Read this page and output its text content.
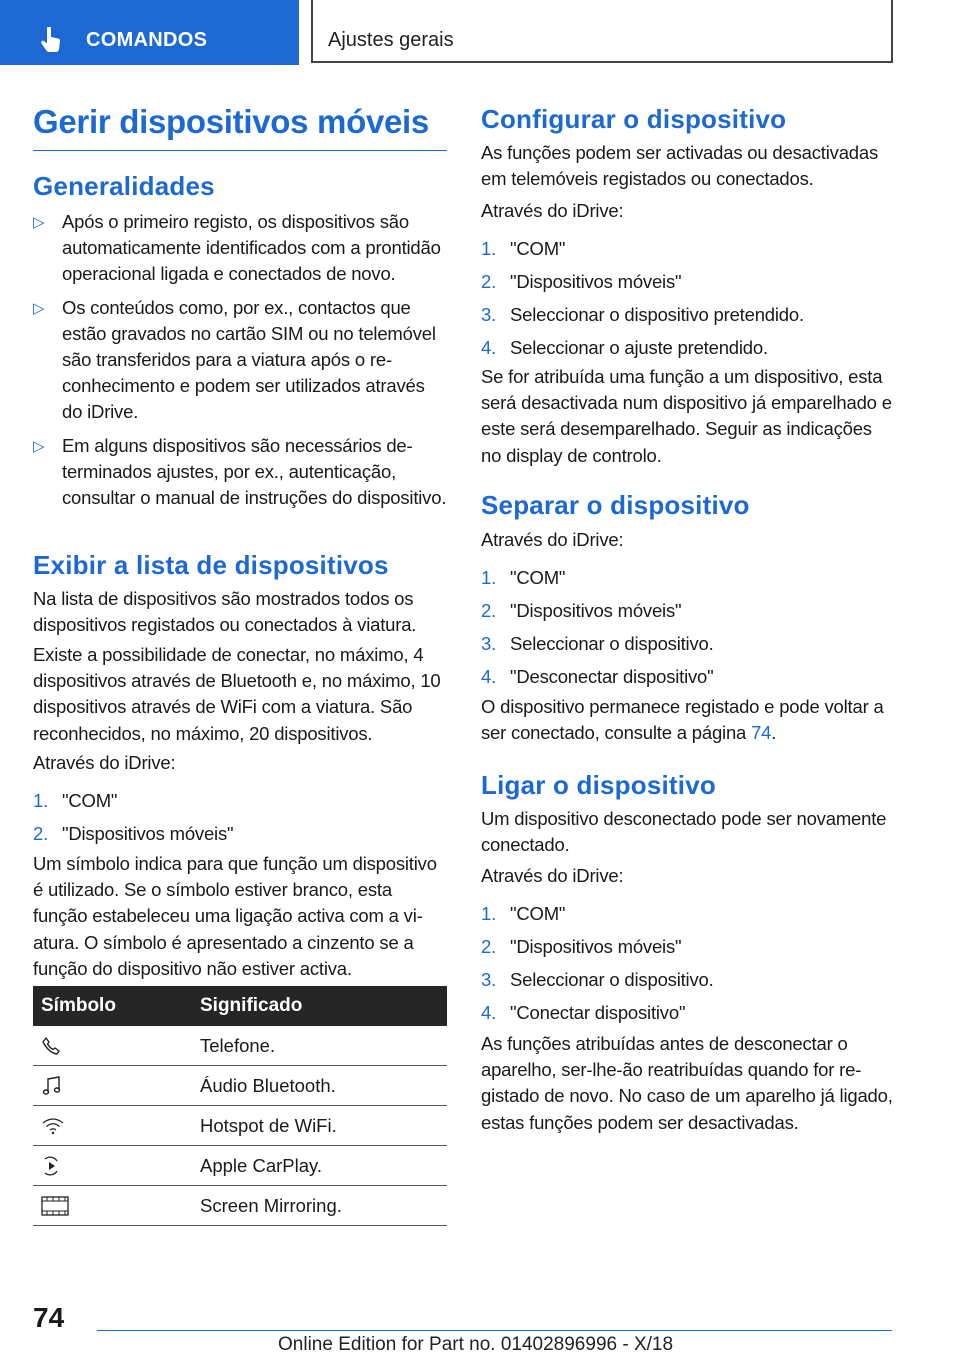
COMANDOS	Ajustes gerais
Gerir dispositivos móveis
Generalidades
▷ Após o primeiro registo, os dispositivos são automaticamente identificados com a prontidão operacional ligada e conectados de novo.
▷ Os conteúdos como, por ex., contactos que estão gravados no cartão SIM ou no telemóvel são transferidos para a viatura após o reconhecimento e podem ser utilizados através do iDrive.
▷ Em alguns dispositivos são necessários determinados ajustes, por ex., autenticação, consultar o manual de instruções do dispositivo.
Exibir a lista de dispositivos

Na lista de dispositivos são mostrados todos os dispositivos registados ou conectados à viatura.

Existe a possibilidade de conectar, no máximo, 4 dispositivos através de Bluetooth e, no máximo, 10 dispositivos através de WiFi com a viatura. São reconhecidos, no máximo, 20 dispositivos.

Através do iDrive:

1. "COM"
2. "Dispositivos móveis"

Um símbolo indica para que função um dispositivo é utilizado. Se o símbolo estiver branco, esta função estabeleceu uma ligação activa com a viatura. O símbolo é apresentado a cinzento se a função do dispositivo não estiver activa.

Símbolo	Significado

	Telefone.

	Áudio Bluetooth.

	Hotspot de WiFi.

	Apple CarPlay.

	Screen Mirroring.
Configurar o dispositivo

As funções podem ser activadas ou desactivadas em telemóveis registados ou conectados.

Através do iDrive:

1. "COM"
2. "Dispositivos móveis"
3. Seleccionar o dispositivo pretendido.
4. Seleccionar o ajuste pretendido.

Se for atribuída uma função a um dispositivo, esta será desactivada num dispositivo já emparelhado e este será desemparelhado. Seguir as indicações no display de controlo.

Separar o dispositivo

Através do iDrive:

1. "COM"
2. "Dispositivos móveis"
3. Seleccionar o dispositivo.
4. "Desconectar dispositivo"

O dispositivo permanece registado e pode voltar a ser conectado, consulte a página 74.

Ligar o dispositivo

Um dispositivo desconectado pode ser novamente conectado.

Através do iDrive:

1. "COM"
2. "Dispositivos móveis"
3. Seleccionar o dispositivo.
4. "Conectar dispositivo"

As funções atribuídas antes de desconectar o aparelho, ser-lhe-ão reatribuídas quando for registado de novo. No caso de um aparelho já ligado, estas funções podem ser desactivadas.

74
Online Edition for Part no. 01402896996 - X/18
